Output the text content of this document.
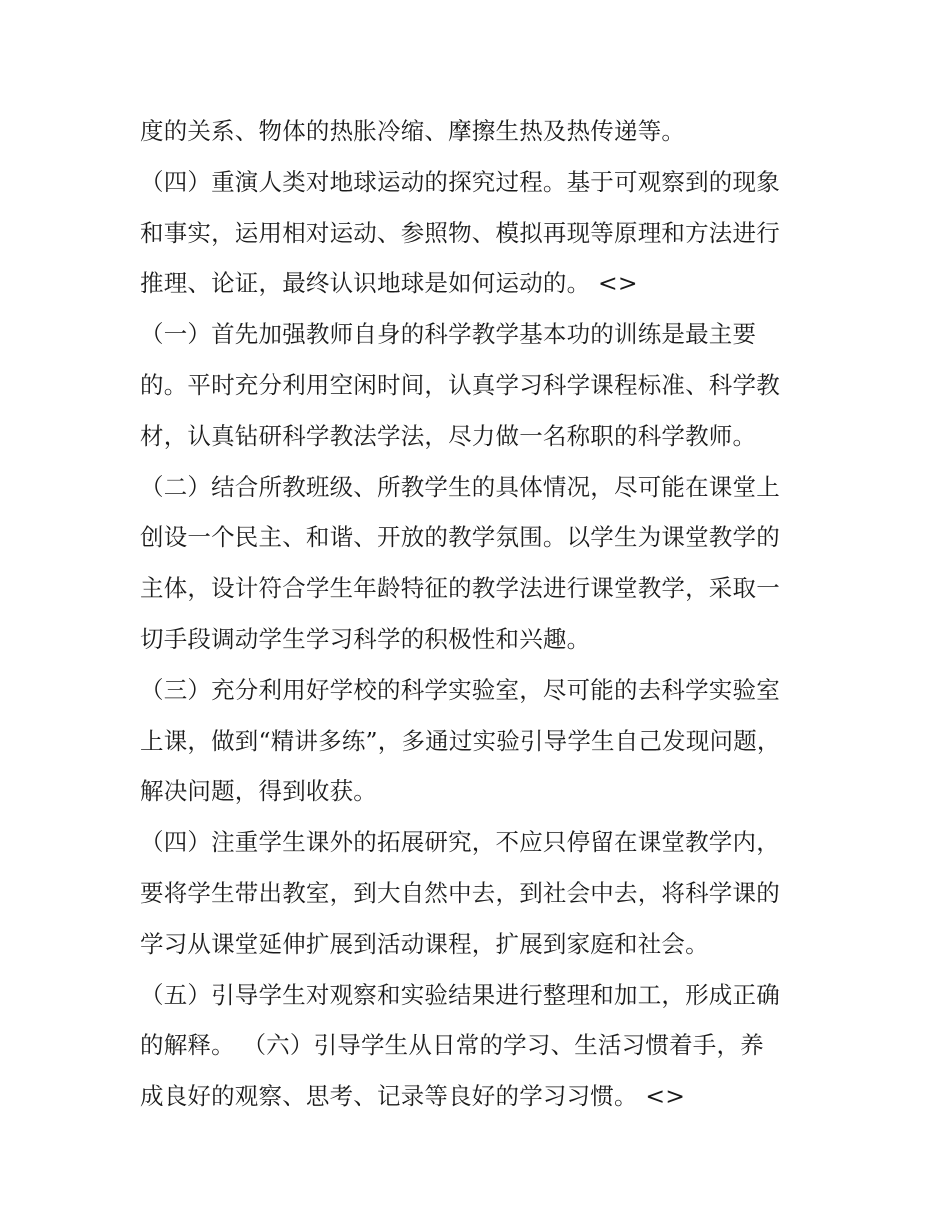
度的关系、物体的热胀冷缩、摩擦生热及热传递等。
（四）重演人类对地球运动的探究过程。基于可观察到的现象
和事实，运用相对运动、参照物、模拟再现等原理和方法进行
推理、论证，最终认识地球是如何运动的。 <>
（一）首先加强教师自身的科学教学基本功的训练是最主要
的。平时充分利用空闲时间，认真学习科学课程标准、科学教
材，认真钻研科学教法学法，尽力做一名称职的科学教师。
（二）结合所教班级、所教学生的具体情况，尽可能在课堂上
创设一个民主、和谐、开放的教学氛围。以学生为课堂教学的
主体，设计符合学生年龄特征的教学法进行课堂教学，采取一
切手段调动学生学习科学的积极性和兴趣。
（三）充分利用好学校的科学实验室，尽可能的去科学实验室
上课，做到“精讲多练”，多通过实验引导学生自己发现问题，
解决问题，得到收获。
（四）注重学生课外的拓展研究，不应只停留在课堂教学内，
要将学生带出教室，到大自然中去，到社会中去，将科学课的
学习从课堂延伸扩展到活动课程，扩展到家庭和社会。
（五）引导学生对观察和实验结果进行整理和加工，形成正确
的解释。 （六）引导学生从日常的学习、生活习惯着手，养
成良好的观察、思考、记录等良好的学习习惯。 <>
